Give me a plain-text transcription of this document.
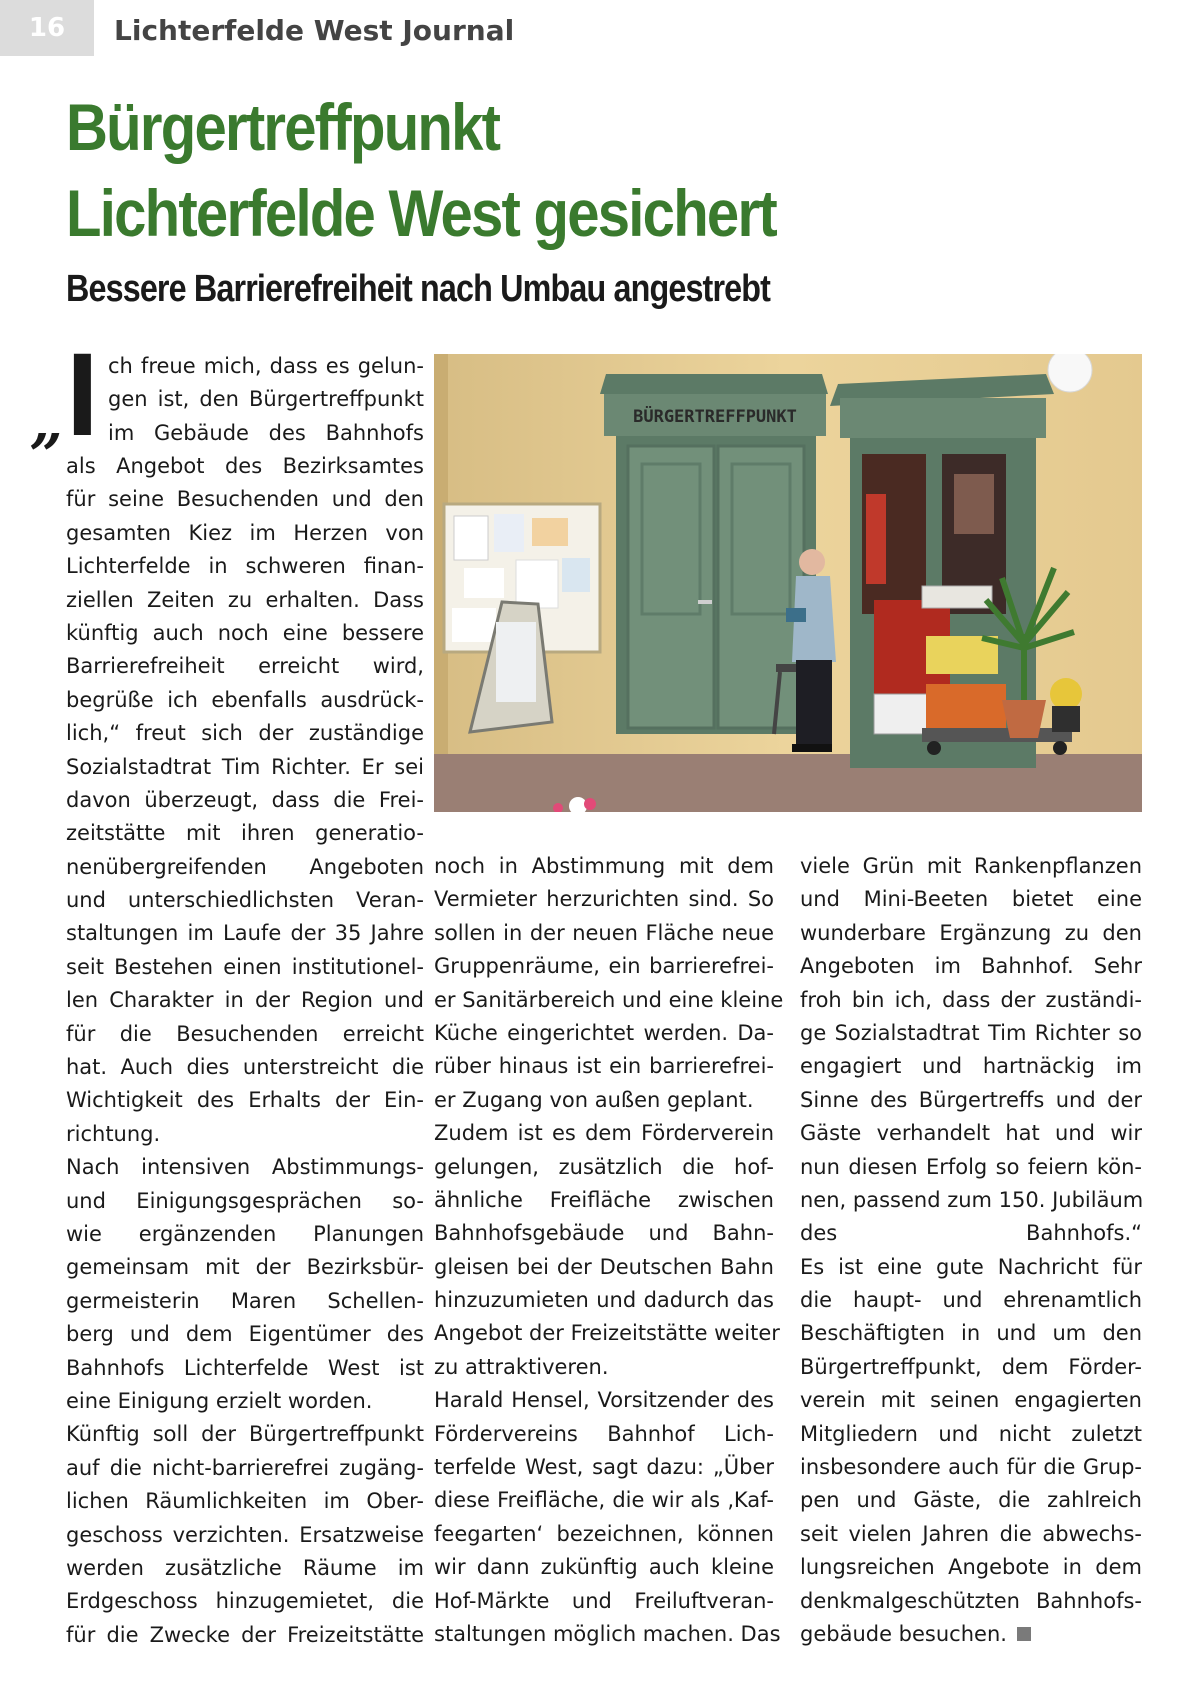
16 Lichterfelde West Journal
Bürgertreffpunkt
Lichterfelde West gesichert
Bessere Barrierefreiheit nach Umbau angestrebt
„ I ch freue mich, dass es gelun-
gen ist, den Bürgertreffpunkt
im Gebäude des Bahnhofs
als Angebot des Bezirksamtes
für seine Besuchenden und den
gesamten Kiez im Herzen von
Lichterfelde in schweren finan-
ziellen Zeiten zu erhalten. Dass
künftig auch noch eine bessere
Barrierefreiheit erreicht wird,
begrüße ich ebenfalls ausdrück-
lich,“ freut sich der zuständige
Sozialstadtrat Tim Richter. Er sei
davon überzeugt, dass die Frei-
zeitstätte mit ihren generatio-
nenübergreifenden Angeboten
und unterschiedlichsten Veran-
staltungen im Laufe der 35 Jahre
seit Bestehen einen institutionel-
len Charakter in der Region und
für die Besuchenden erreicht
hat. Auch dies unterstreicht die
Wichtigkeit des Erhalts der Ein-
richtung.
Nach intensiven Abstimmungs-
und Einigungsgesprächen so-
wie ergänzenden Planungen
gemeinsam mit der Bezirksbür-
germeisterin Maren Schellen-
berg und dem Eigentümer des
Bahnhofs Lichterfelde West ist
eine Einigung erzielt worden.
Künftig soll der Bürgertreffpunkt
auf die nicht-barrierefrei zugäng-
lichen Räumlichkeiten im Ober-
geschoss verzichten. Ersatzweise
werden zusätzliche Räume im
Erdgeschoss hinzugemietet, die
für die Zwecke der Freizeitstätte
noch in Abstimmung mit dem
Vermieter herzurichten sind. So
sollen in der neuen Fläche neue
Gruppenräume, ein barrierefrei-
er Sanitärbereich und eine kleine
Küche eingerichtet werden. Da-
rüber hinaus ist ein barrierefrei-
er Zugang von außen geplant.
Zudem ist es dem Förderverein
gelungen, zusätzlich die hof-
ähnliche Freifläche zwischen
Bahnhofsgebäude und Bahn-
gleisen bei der Deutschen Bahn
hinzuzumieten und dadurch das
Angebot der Freizeitstätte weiter
zu attraktiveren.
Harald Hensel, Vorsitzender des
Fördervereins Bahnhof Lich-
terfelde West, sagt dazu: „Über
diese Freifläche, die wir als ‚Kaf-
feegarten‘ bezeichnen, können
wir dann zukünftig auch kleine
Hof-Märkte und Freiluftveran-
staltungen möglich machen. Das
viele Grün mit Rankenpflanzen
und Mini-Beeten bietet eine
wunderbare Ergänzung zu den
Angeboten im Bahnhof. Sehr
froh bin ich, dass der zuständi-
ge Sozialstadtrat Tim Richter so
engagiert und hartnäckig im
Sinne des Bürgertreffs und der
Gäste verhandelt hat und wir
nun diesen Erfolg so feiern kön-
nen, passend zum 150. Jubiläum
des Bahnhofs.“
Es ist eine gute Nachricht für
die haupt- und ehrenamtlich
Beschäftigten in und um den
Bürgertreffpunkt, dem Förder-
verein mit seinen engagierten
Mitgliedern und nicht zuletzt
insbesondere auch für die Grup-
pen und Gäste, die zahlreich
seit vielen Jahren die abwechs-
lungsreichen Angebote in dem
denkmalgeschützten Bahnhofs-
gebäude besuchen.
BÜRGERTREFFPUNKT
